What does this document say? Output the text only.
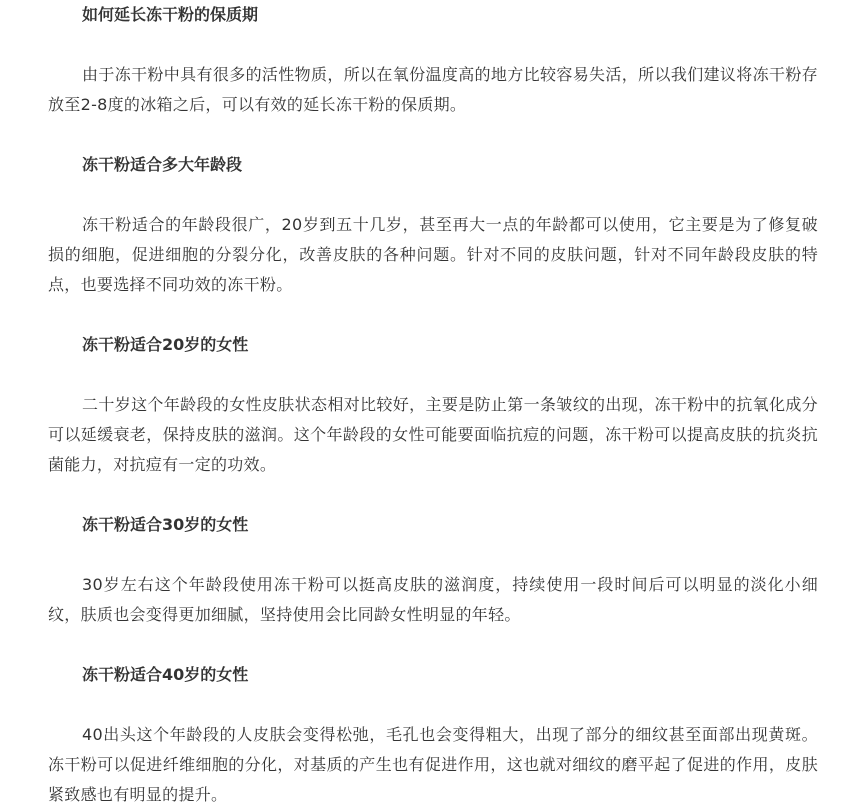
如何延长冻干粉的保质期

由于冻干粉中具有很多的活性物质，所以在氧份温度高的地方比较容易失活，所以我们建议将冻干粉存放至2-8度的冰箱之后，可以有效的延长冻干粉的保质期。

冻干粉适合多大年龄段

冻干粉适合的年龄段很广，20岁到五十几岁，甚至再大一点的年龄都可以使用，它主要是为了修复破损的细胞，促进细胞的分裂分化，改善皮肤的各种问题。针对不同的皮肤问题，针对不同年龄段皮肤的特点，也要选择不同功效的冻干粉。

冻干粉适合20岁的女性

二十岁这个年龄段的女性皮肤状态相对比较好，主要是防止第一条皱纹的出现，冻干粉中的抗氧化成分可以延缓衰老，保持皮肤的滋润。这个年龄段的女性可能要面临抗痘的问题，冻干粉可以提高皮肤的抗炎抗菌能力，对抗痘有一定的功效。

冻干粉适合30岁的女性

30岁左右这个年龄段使用冻干粉可以挺高皮肤的滋润度，持续使用一段时间后可以明显的淡化小细纹，肤质也会变得更加细腻，坚持使用会比同龄女性明显的年轻。

冻干粉适合40岁的女性

40出头这个年龄段的人皮肤会变得松弛，毛孔也会变得粗大，出现了部分的细纹甚至面部出现黄斑。冻干粉可以促进纤维细胞的分化，对基质的产生也有促进作用，这也就对细纹的磨平起了促进的作用，皮肤紧致感也有明显的提升。
